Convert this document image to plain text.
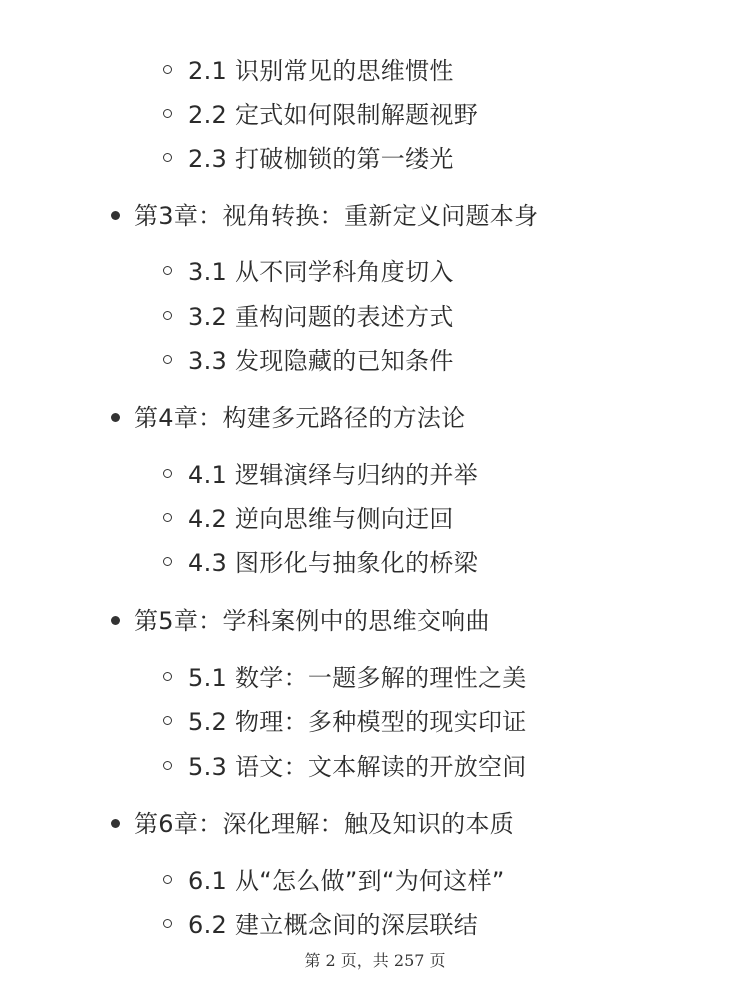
2.1 识别常见的思维惯性
2.2 定式如何限制解题视野
2.3 打破枷锁的第一缕光
第3章：视角转换：重新定义问题本身
3.1 从不同学科角度切入
3.2 重构问题的表述方式
3.3 发现隐藏的已知条件
第4章：构建多元路径的方法论
4.1 逻辑演绎与归纳的并举
4.2 逆向思维与侧向迂回
4.3 图形化与抽象化的桥梁
第5章：学科案例中的思维交响曲
5.1 数学：一题多解的理性之美
5.2 物理：多种模型的现实印证
5.3 语文：文本解读的开放空间
第6章：深化理解：触及知识的本质
6.1 从“怎么做”到“为何这样”
6.2 建立概念间的深层联结
第 2 页，共 257 页
